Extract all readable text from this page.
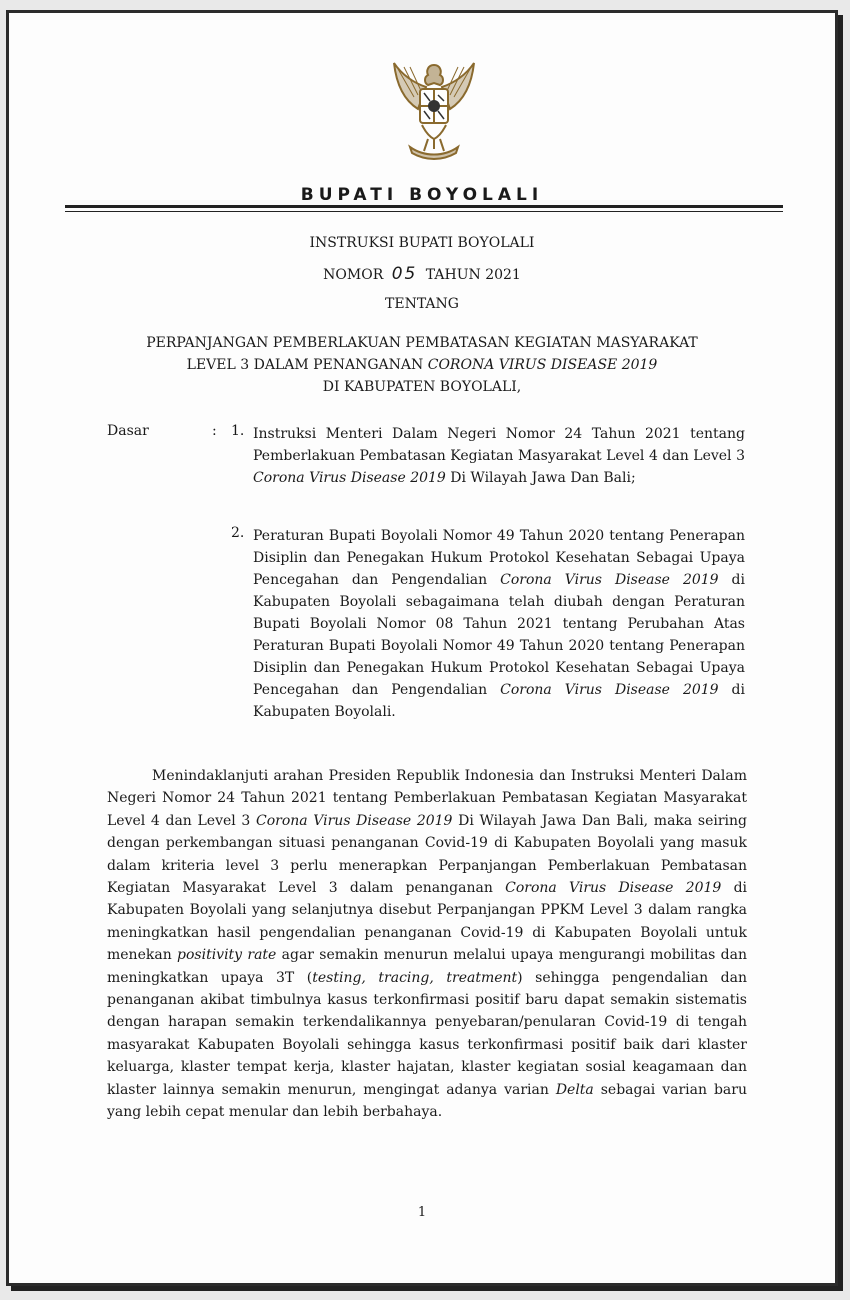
BUPATI BOYOLALI
INSTRUKSI BUPATI BOYOLALI
NOMOR 05 TAHUN 2021
TENTANG
PERPANJANGAN PEMBERLAKUAN PEMBATASAN KEGIATAN MASYARAKAT
LEVEL 3 DALAM PENANGANAN CORONA VIRUS DISEASE 2019
DI KABUPATEN BOYOLALI,
Dasar	: 1. Instruksi Menteri Dalam Negeri Nomor 24 Tahun 2021 tentang Pemberlakuan Pembatasan Kegiatan Masyarakat Level 4 dan Level 3 Corona Virus Disease 2019 Di Wilayah Jawa Dan Bali;
2. Peraturan Bupati Boyolali Nomor 49 Tahun 2020 tentang Penerapan Disiplin dan Penegakan Hukum Protokol Kesehatan Sebagai Upaya Pencegahan dan Pengendalian Corona Virus Disease 2019 di Kabupaten Boyolali sebagaimana telah diubah dengan Peraturan Bupati Boyolali Nomor 08 Tahun 2021 tentang Perubahan Atas Peraturan Bupati Boyolali Nomor 49 Tahun 2020 tentang Penerapan Disiplin dan Penegakan Hukum Protokol Kesehatan Sebagai Upaya Pencegahan dan Pengendalian Corona Virus Disease 2019 di Kabupaten Boyolali.
Menindaklanjuti arahan Presiden Republik Indonesia dan Instruksi Menteri Dalam Negeri Nomor 24 Tahun 2021 tentang Pemberlakuan Pembatasan Kegiatan Masyarakat Level 4 dan Level 3 Corona Virus Disease 2019 Di Wilayah Jawa Dan Bali, maka seiring dengan perkembangan situasi penanganan Covid-19 di Kabupaten Boyolali yang masuk dalam kriteria level 3 perlu menerapkan Perpanjangan Pemberlakuan Pembatasan Kegiatan Masyarakat Level 3 dalam penanganan Corona Virus Disease 2019 di Kabupaten Boyolali yang selanjutnya disebut Perpanjangan PPKM Level 3 dalam rangka meningkatkan hasil pengendalian penanganan Covid-19 di Kabupaten Boyolali untuk menekan positivity rate agar semakin menurun melalui upaya mengurangi mobilitas dan meningkatkan upaya 3T (testing, tracing, treatment) sehingga pengendalian dan penanganan akibat timbulnya kasus terkonfirmasi positif baru dapat semakin sistematis dengan harapan semakin terkendalikannya penyebaran/penularan Covid-19 di tengah masyarakat Kabupaten Boyolali sehingga kasus terkonfirmasi positif baik dari klaster keluarga, klaster tempat kerja, klaster hajatan, klaster kegiatan sosial keagamaan dan klaster lainnya semakin menurun, mengingat adanya varian Delta sebagai varian baru yang lebih cepat menular dan lebih berbahaya.
1
